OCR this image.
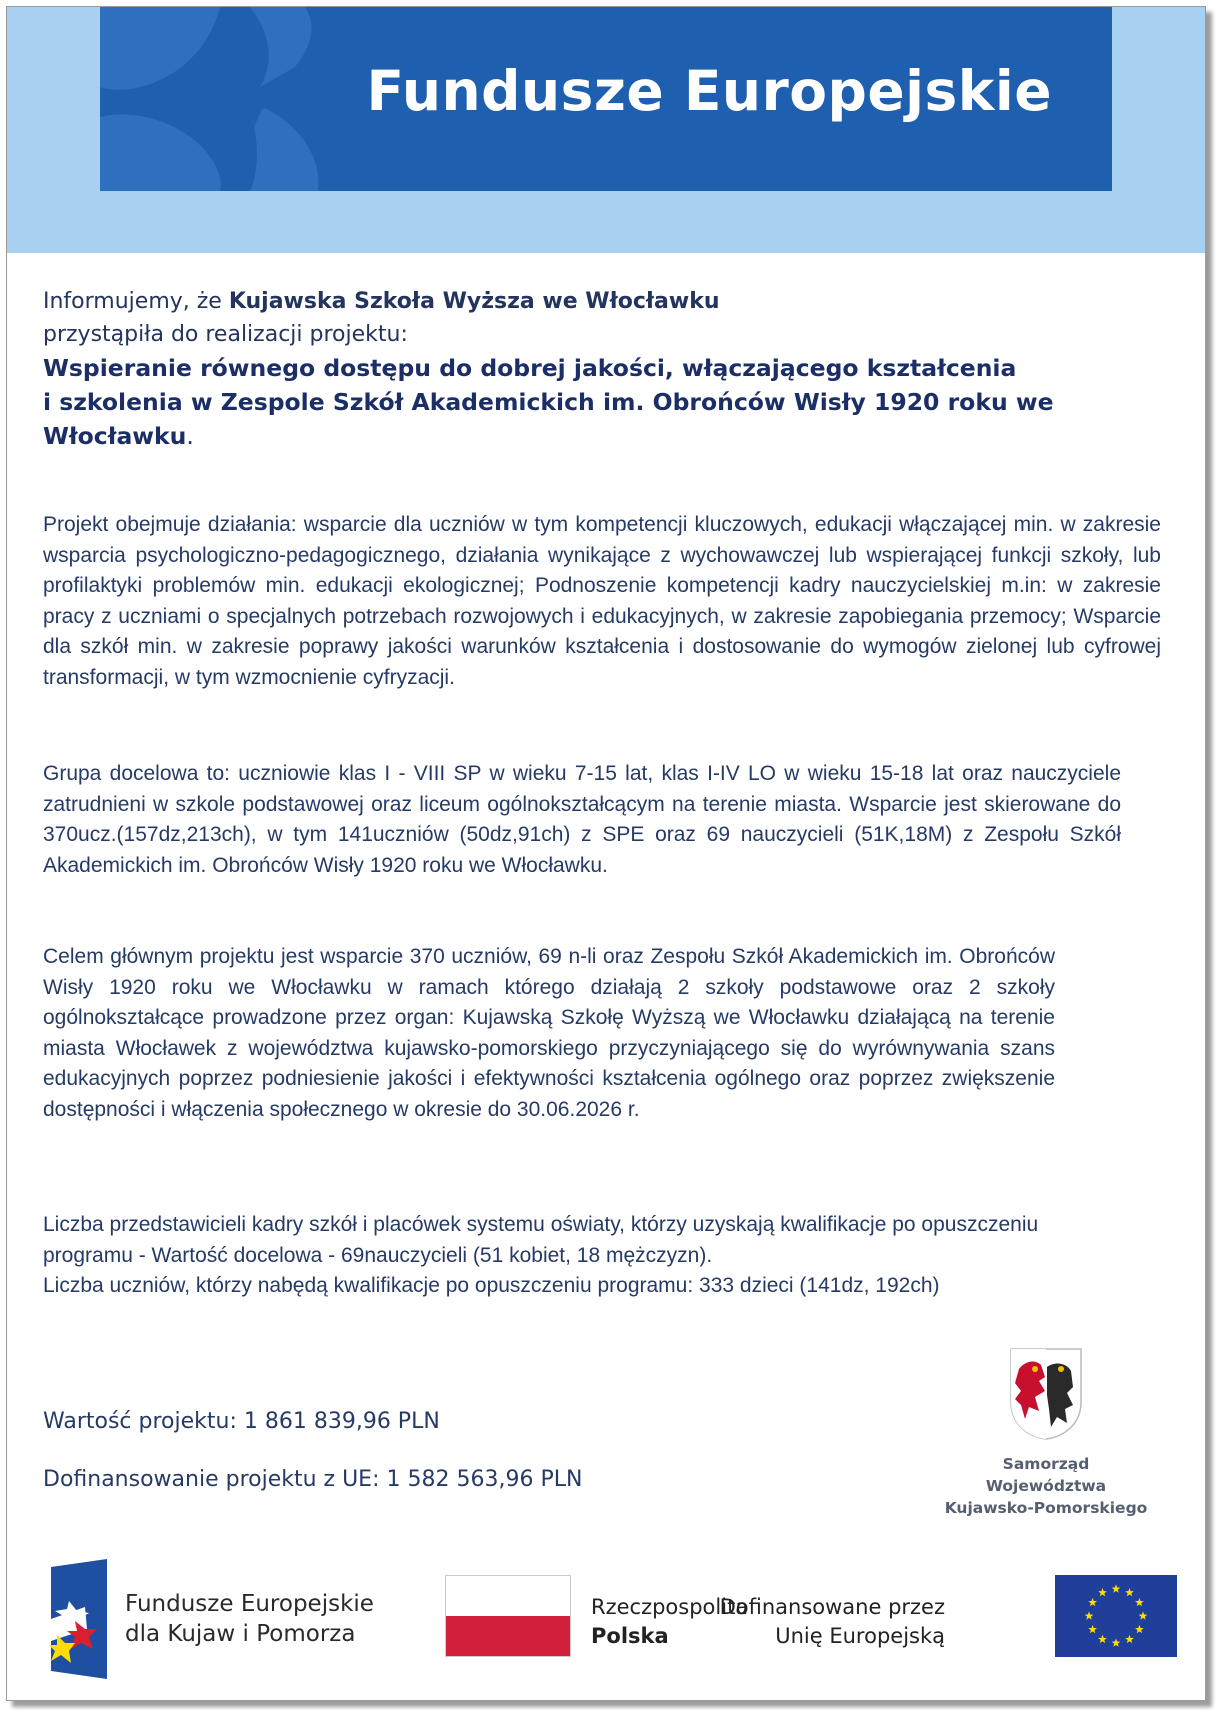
Fundusze Europejskie
Informujemy, że Kujawska Szkoła Wyższa we Włocławku
przystąpiła do realizacji projektu:
Wspieranie równego dostępu do dobrej jakości, włączającego kształcenia
i szkolenia w Zespole Szkół Akademickich im. Obrońców Wisły 1920 roku we
Włocławku.

Projekt obejmuje działania: wsparcie dla uczniów w tym kompetencji kluczowych, edukacji włączającej min. w zakresie wsparcia psychologiczno-pedagogicznego, działania wynikające z wychowawczej lub wspierającej funkcji szkoły, lub profilaktyki problemów min. edukacji ekologicznej; Podnoszenie kompetencji kadry nauczycielskiej m.in: w zakresie pracy z uczniami o specjalnych potrzebach rozwojowych i edukacyjnych, w zakresie zapobiegania przemocy; Wsparcie dla szkół min. w zakresie poprawy jakości warunków kształcenia i dostosowanie do wymogów zielonej lub cyfrowej transformacji, w tym wzmocnienie cyfryzacji.

Grupa docelowa to: uczniowie klas I - VIII SP w wieku 7-15 lat, klas I-IV LO w wieku 15-18 lat oraz nauczyciele zatrudnieni w szkole podstawowej oraz liceum ogólnokształcącym na terenie miasta. Wsparcie jest skierowane do 370ucz.(157dz,213ch), w tym 141uczniów (50dz,91ch) z SPE oraz 69 nauczycieli (51K,18M) z Zespołu Szkół Akademickich im. Obrońców Wisły 1920 roku we Włocławku.

Celem głównym projektu jest wsparcie 370 uczniów, 69 n-li oraz Zespołu Szkół Akademickich im. Obrońców Wisły 1920 roku we Włocławku w ramach którego działają 2 szkoły podstawowe oraz 2 szkoły ogólnokształcące prowadzone przez organ: Kujawską Szkołę Wyższą we Włocławku działającą na terenie miasta Włocławek z województwa kujawsko-pomorskiego przyczyniającego się do wyrównywania szans edukacyjnych poprzez podniesienie jakości i efektywności kształcenia ogólnego oraz poprzez zwiększenie dostępności i włączenia społecznego w okresie do 30.06.2026 r.

Liczba przedstawicieli kadry szkół i placówek systemu oświaty, którzy uzyskają kwalifikacje po opuszczeniu programu - Wartość docelowa - 69nauczycieli (51 kobiet, 18 mężczyzn).

Liczba uczniów, którzy nabędą kwalifikacje po opuszczeniu programu: 333 dzieci (141dz, 192ch)

Wartość projektu: 1 861 839,96 PLN
Dofinansowanie projektu z UE: 1 582 563,96 PLN
Samorząd Województwa
Kujawsko-Pomorskiego
Fundusze Europejskie
dla Kujaw i Pomorza
Rzeczpospolita
Polska
Dofinansowane przez
Unię Europejską
